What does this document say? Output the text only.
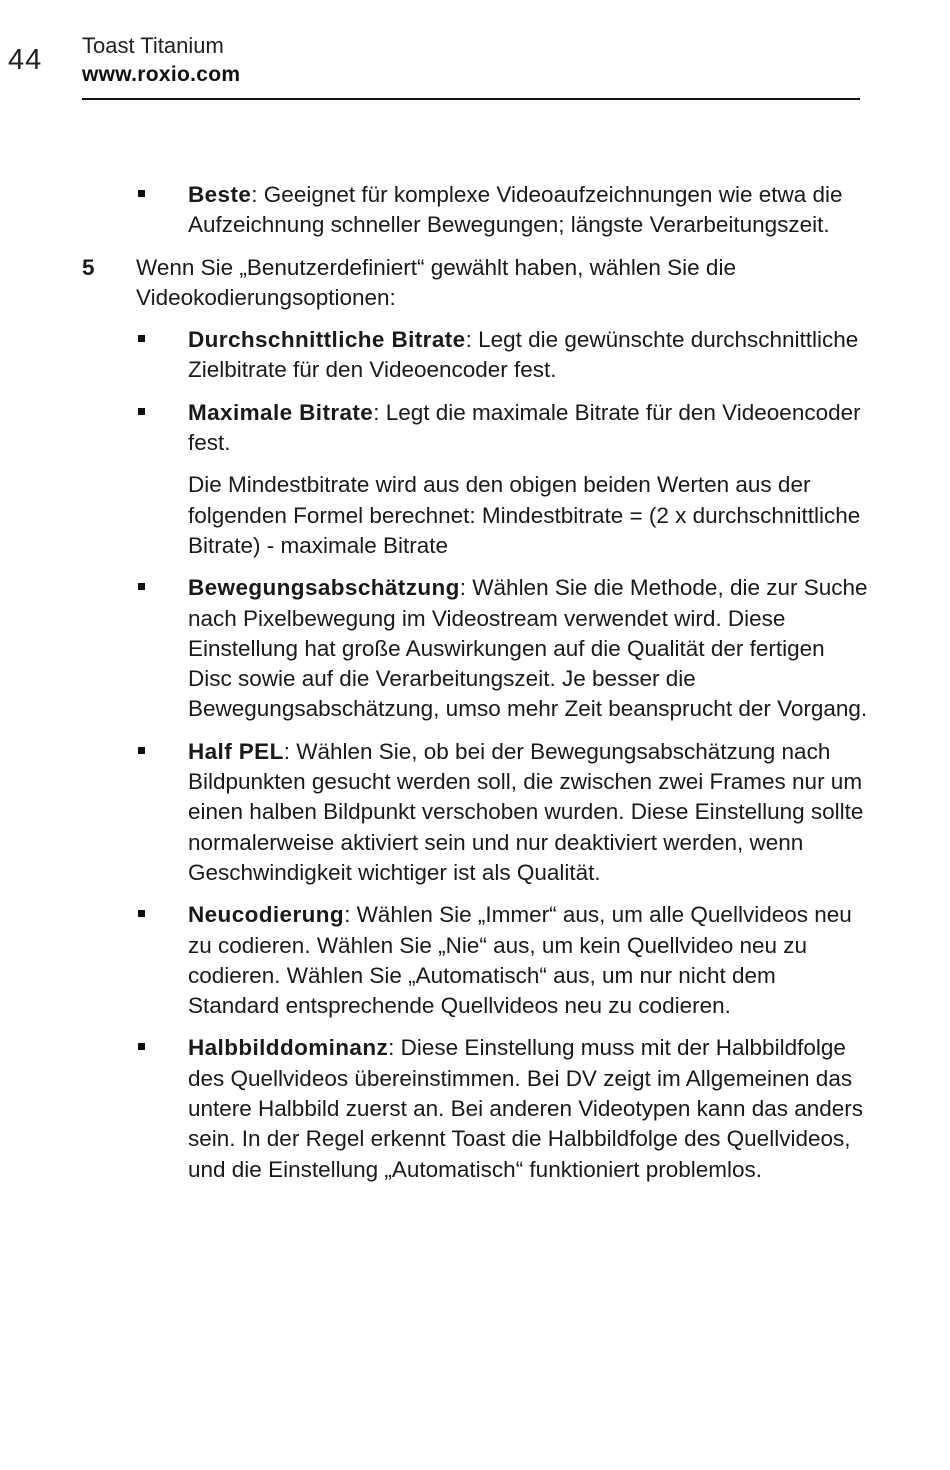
44 Toast Titanium
www.roxio.com
Beste: Geeignet für komplexe Videoaufzeichnungen wie etwa die Aufzeichnung schneller Bewegungen; längste Verarbeitungszeit.
5 Wenn Sie „Benutzerdefiniert“ gewählt haben, wählen Sie die Videokodierungsoptionen:
Durchschnittliche Bitrate: Legt die gewünschte durchschnittliche Zielbitrate für den Videoencoder fest.
Maximale Bitrate: Legt die maximale Bitrate für den Videoencoder fest.
Die Mindestbitrate wird aus den obigen beiden Werten aus der folgenden Formel berechnet: Mindestbitrate = (2 x durchschnittliche Bitrate) - maximale Bitrate
Bewegungsabschätzung: Wählen Sie die Methode, die zur Suche nach Pixelbewegung im Videostream verwendet wird. Diese Einstellung hat große Auswirkungen auf die Qualität der fertigen Disc sowie auf die Verarbeitungszeit. Je besser die Bewegungsabschätzung, umso mehr Zeit beansprucht der Vorgang.
Half PEL: Wählen Sie, ob bei der Bewegungsabschätzung nach Bildpunkten gesucht werden soll, die zwischen zwei Frames nur um einen halben Bildpunkt verschoben wurden. Diese Einstellung sollte normalerweise aktiviert sein und nur deaktiviert werden, wenn Geschwindigkeit wichtiger ist als Qualität.
Neucodierung: Wählen Sie „Immer“ aus, um alle Quellvideos neu zu codieren. Wählen Sie „Nie“ aus, um kein Quellvideo neu zu codieren. Wählen Sie „Automatisch“ aus, um nur nicht dem Standard entsprechende Quellvideos neu zu codieren.
Halbbilddominanz: Diese Einstellung muss mit der Halbbildfolge des Quellvideos übereinstimmen. Bei DV zeigt im Allgemeinen das untere Halbbild zuerst an. Bei anderen Videotypen kann das anders sein. In der Regel erkennt Toast die Halbbildfolge des Quellvideos, und die Einstellung „Automatisch“ funktioniert problemlos.
